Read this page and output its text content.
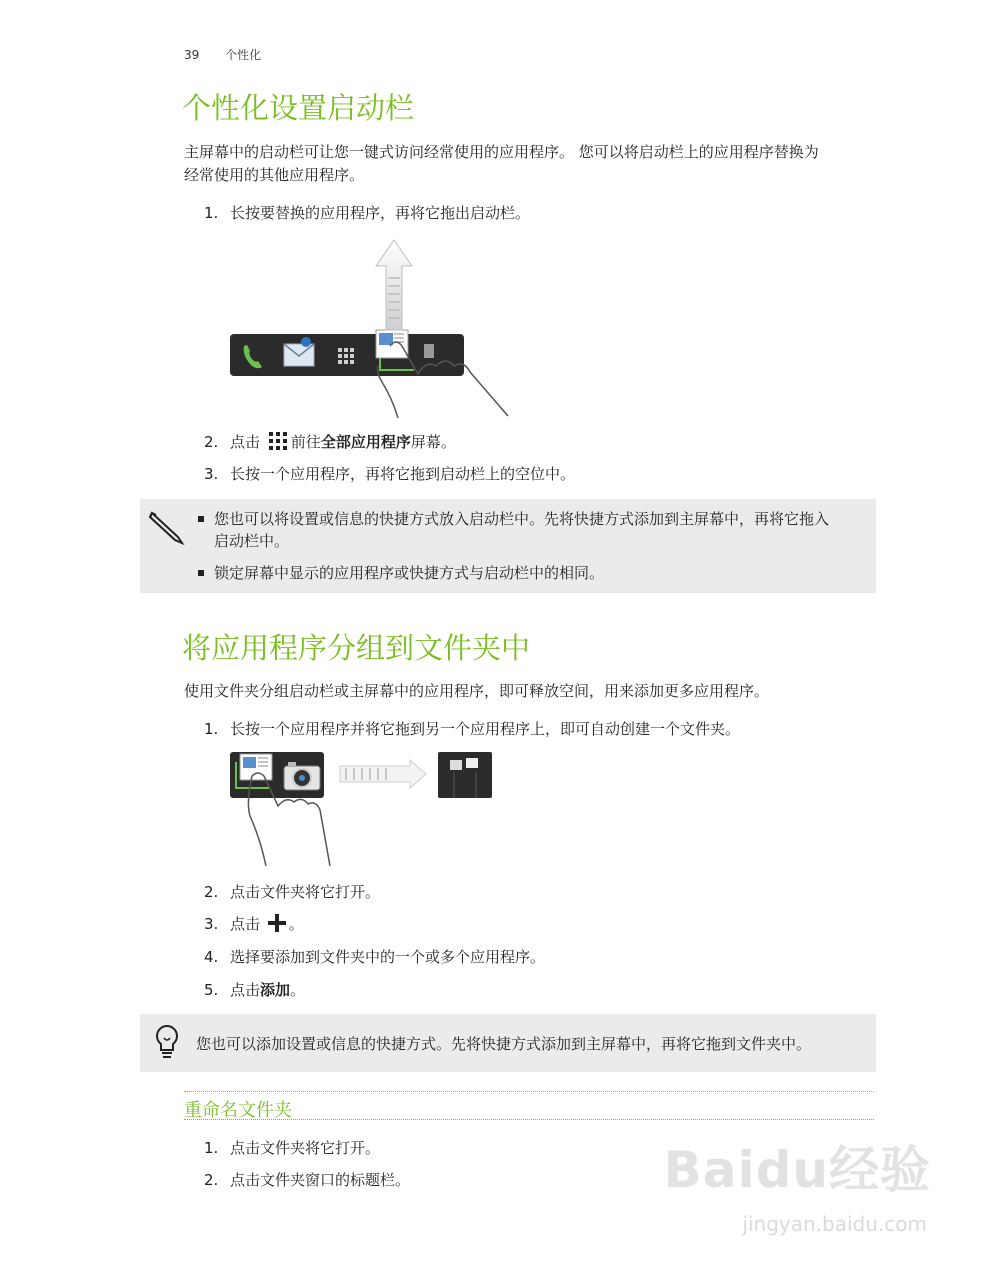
39 个性化
个性化设置启动栏
主屏幕中的启动栏可让您一键式访问经常使用的应用程序。 您可以将启动栏上的应用程序替换为
经常使用的其他应用程序。
1. 长按要替换的应用程序，再将它拖出启动栏。
2. 点击 前往全部应用程序屏幕。
3. 长按一个应用程序，再将它拖到启动栏上的空位中。
您也可以将设置或信息的快捷方式放入启动栏中。先将快捷方式添加到主屏幕中，再将它拖入
启动栏中。
锁定屏幕中显示的应用程序或快捷方式与启动栏中的相同。
将应用程序分组到文件夹中
使用文件夹分组启动栏或主屏幕中的应用程序，即可释放空间，用来添加更多应用程序。
1. 长按一个应用程序并将它拖到另一个应用程序上，即可自动创建一个文件夹。
2. 点击文件夹将它打开。
3. 点击 。
4. 选择要添加到文件夹中的一个或多个应用程序。
5. 点击添加。
您也可以添加设置或信息的快捷方式。先将快捷方式添加到主屏幕中，再将它拖到文件夹中。
重命名文件夹
1. 点击文件夹将它打开。
2. 点击文件夹窗口的标题栏。	Baidu经验
jingyan.baidu.com
